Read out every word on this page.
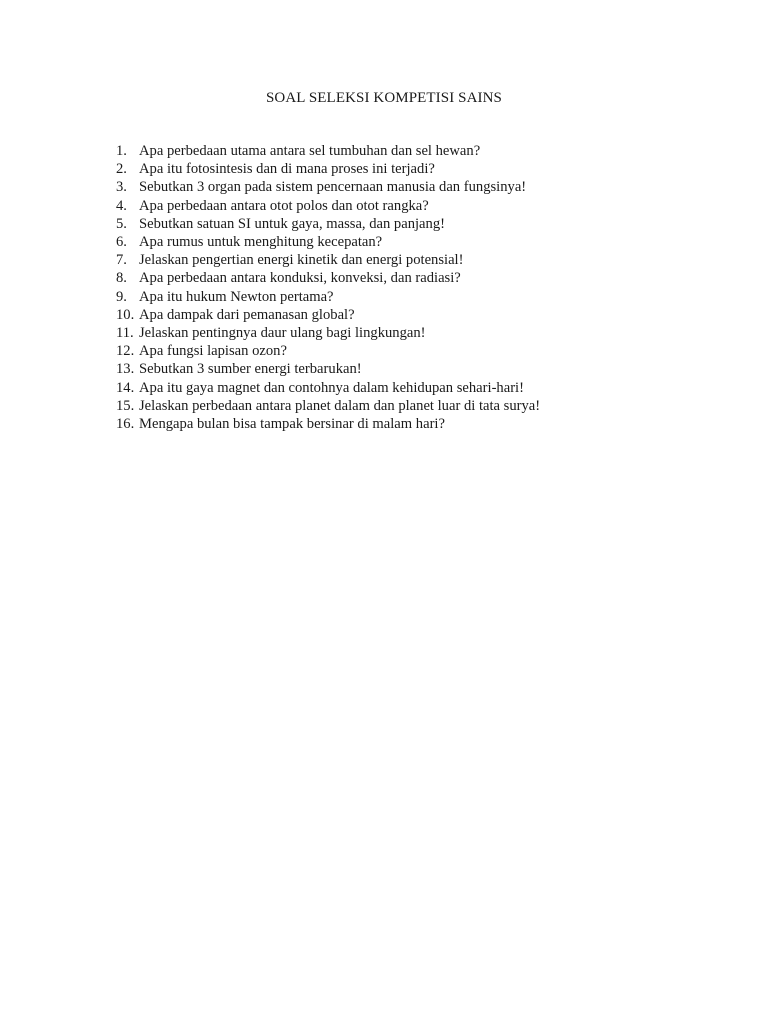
SOAL SELEKSI KOMPETISI SAINS
1. Apa perbedaan utama antara sel tumbuhan dan sel hewan?
2. Apa itu fotosintesis dan di mana proses ini terjadi?
3. Sebutkan 3 organ pada sistem pencernaan manusia dan fungsinya!
4. Apa perbedaan antara otot polos dan otot rangka?
5. Sebutkan satuan SI untuk gaya, massa, dan panjang!
6. Apa rumus untuk menghitung kecepatan?
7. Jelaskan pengertian energi kinetik dan energi potensial!
8. Apa perbedaan antara konduksi, konveksi, dan radiasi?
9. Apa itu hukum Newton pertama?
10. Apa dampak dari pemanasan global?
11. Jelaskan pentingnya daur ulang bagi lingkungan!
12. Apa fungsi lapisan ozon?
13. Sebutkan 3 sumber energi terbarukan!
14. Apa itu gaya magnet dan contohnya dalam kehidupan sehari-hari!
15. Jelaskan perbedaan antara planet dalam dan planet luar di tata surya!
16. Mengapa bulan bisa tampak bersinar di malam hari?
